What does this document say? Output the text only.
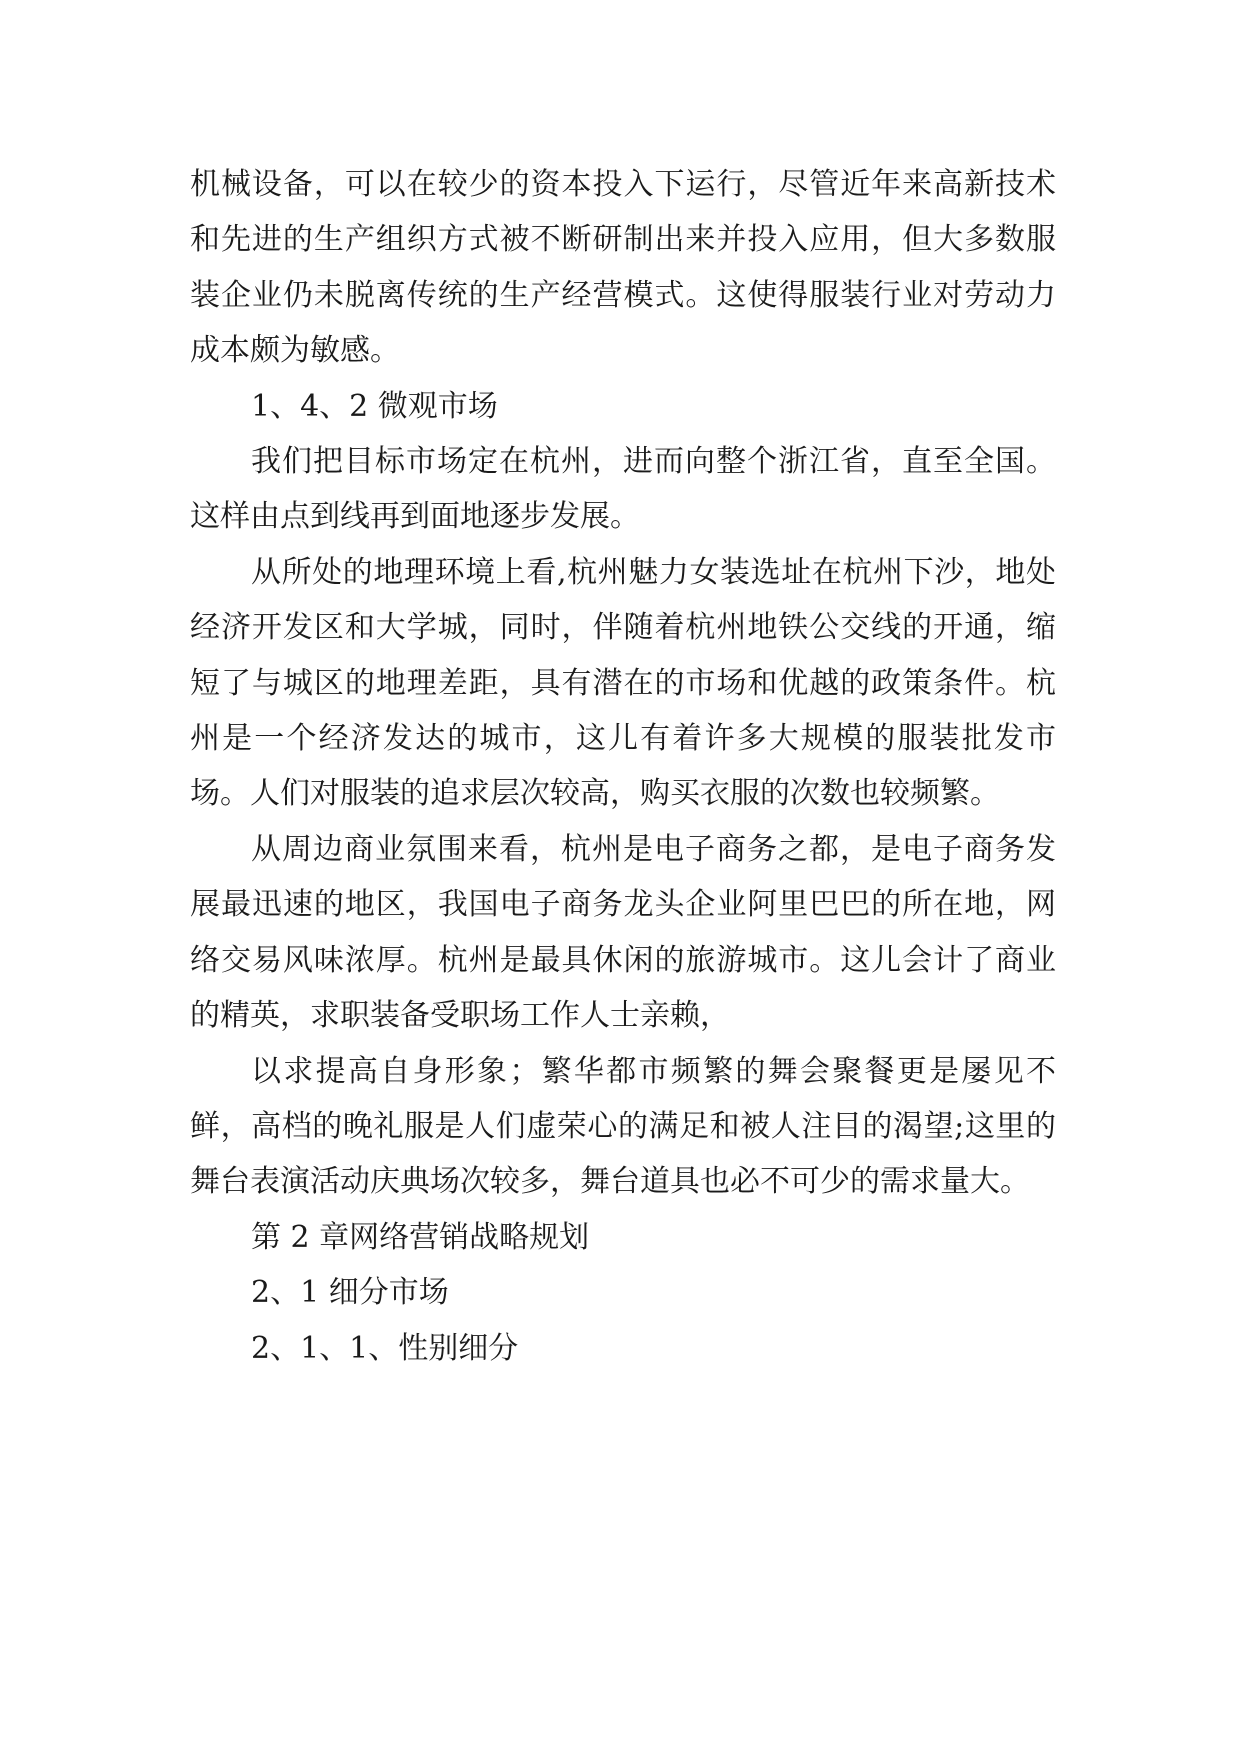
机械设备，可以在较少的资本投入下运行，尽管近年来高新技术和先进的生产组织方式被不断研制出来并投入应用，但大多数服装企业仍未脱离传统的生产经营模式。这使得服装行业对劳动力成本颇为敏感。

1、4、2 微观市场

我们把目标市场定在杭州，进而向整个浙江省，直至全国。这样由点到线再到面地逐步发展。

从所处的地理环境上看,杭州魅力女装选址在杭州下沙，地处经济开发区和大学城，同时，伴随着杭州地铁公交线的开通，缩短了与城区的地理差距，具有潜在的市场和优越的政策条件。杭州是一个经济发达的城市，这儿有着许多大规模的服装批发市场。人们对服装的追求层次较高，购买衣服的次数也较频繁。

从周边商业氛围来看，杭州是电子商务之都，是电子商务发展最迅速的地区，我国电子商务龙头企业阿里巴巴的所在地，网络交易风味浓厚。杭州是最具休闲的旅游城市。这儿会计了商业的精英，求职装备受职场工作人士亲赖，

以求提高自身形象；繁华都市频繁的舞会聚餐更是屡见不鲜，高档的晚礼服是人们虚荣心的满足和被人注目的渴望;这里的舞台表演活动庆典场次较多，舞台道具也必不可少的需求量大。

第 2 章网络营销战略规划

2、1 细分市场

2、1、1、性别细分
